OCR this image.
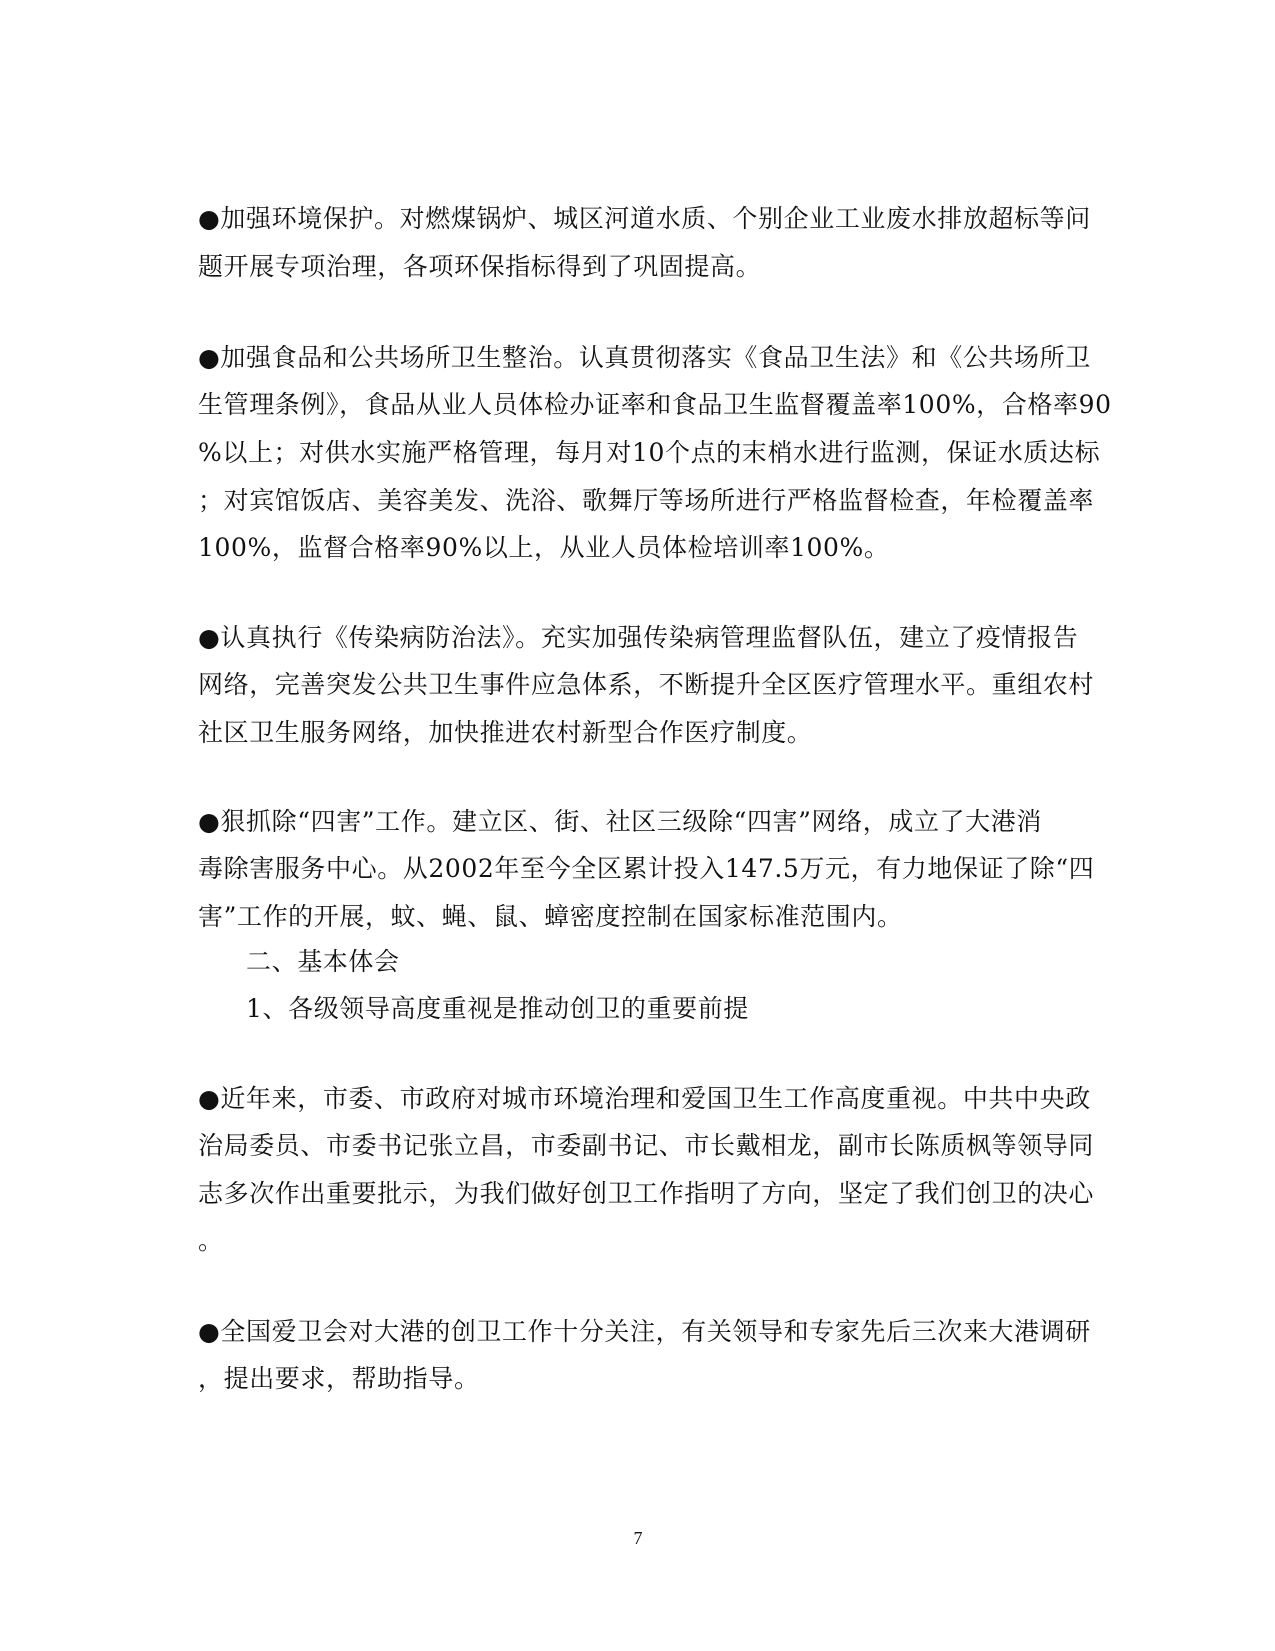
●加强环境保护。对燃煤锅炉、城区河道水质、个别企业工业废水排放超标等问
题开展专项治理，各项环保指标得到了巩固提高。
●加强食品和公共场所卫生整治。认真贯彻落实《食品卫生法》和《公共场所卫
生管理条例》，食品从业人员体检办证率和食品卫生监督覆盖率100%，合格率90
%以上；对供水实施严格管理，每月对10个点的末梢水进行监测，保证水质达标
；对宾馆饭店、美容美发、洗浴、歌舞厅等场所进行严格监督检查，年检覆盖率
100%，监督合格率90%以上，从业人员体检培训率100%。
●认真执行《传染病防治法》。充实加强传染病管理监督队伍，建立了疫情报告
网络，完善突发公共卫生事件应急体系，不断提升全区医疗管理水平。重组农村
社区卫生服务网络，加快推进农村新型合作医疗制度。
●狠抓除“四害”工作。建立区、街、社区三级除“四害”网络，成立了大港消
毒除害服务中心。从2002年至今全区累计投入147.5万元，有力地保证了除“四
害”工作的开展，蚊、蝇、鼠、蟑密度控制在国家标准范围内。
二、基本体会
1、各级领导高度重视是推动创卫的重要前提
●近年来，市委、市政府对城市环境治理和爱国卫生工作高度重视。中共中央政
治局委员、市委书记张立昌，市委副书记、市长戴相龙，副市长陈质枫等领导同
志多次作出重要批示，为我们做好创卫工作指明了方向，坚定了我们创卫的决心
。
●全国爱卫会对大港的创卫工作十分关注，有关领导和专家先后三次来大港调研
，提出要求，帮助指导。
7
